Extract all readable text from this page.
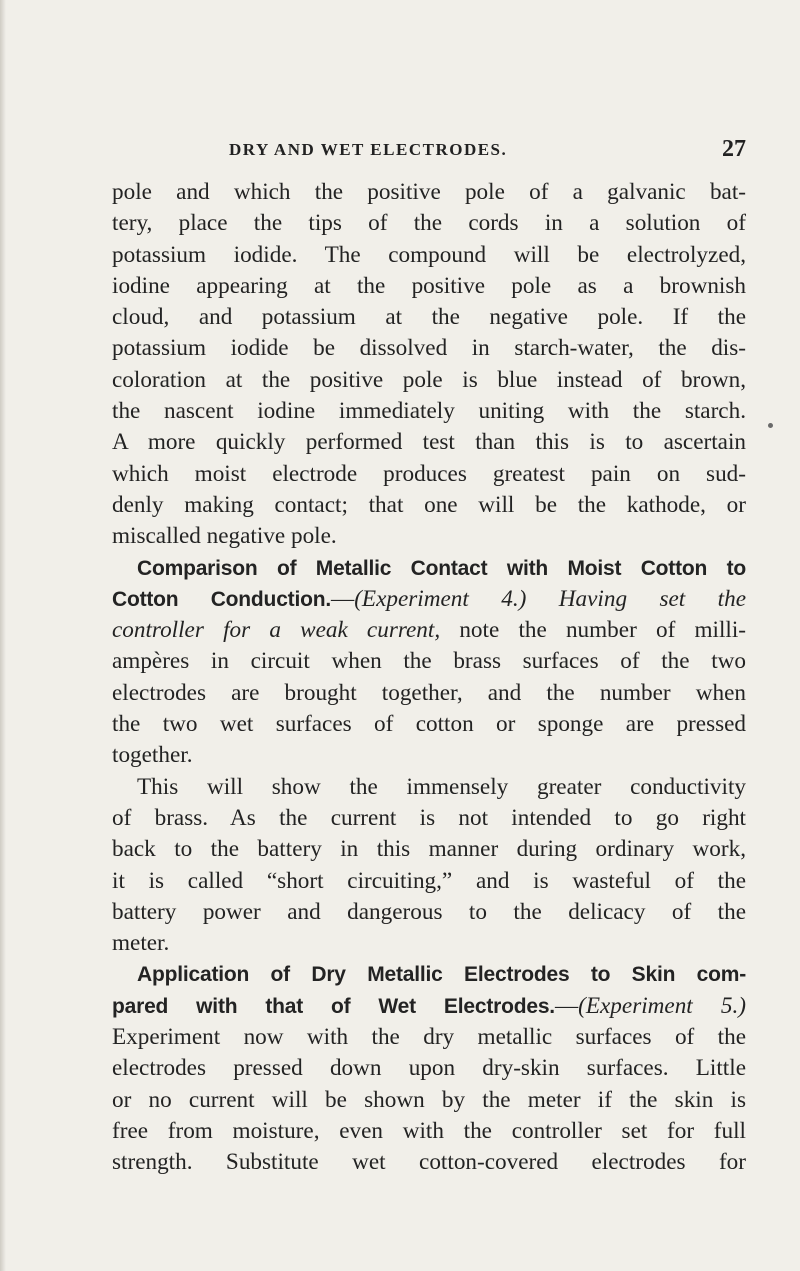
DRY AND WET ELECTRODES.	27
pole and which the positive pole of a galvanic bat-
tery, place the tips of the cords in a solution of
potassium iodide. The compound will be electrolyzed,
iodine appearing at the positive pole as a brownish
cloud, and potassium at the negative pole. If the
potassium iodide be dissolved in starch-water, the dis-
coloration at the positive pole is blue instead of brown,
the nascent iodine immediately uniting with the starch.
A more quickly performed test than this is to ascertain
which moist electrode produces greatest pain on sud-
denly making contact; that one will be the kathode, or
miscalled negative pole.
Comparison of Metallic Contact with Moist Cotton to
Cotton Conduction.—(Experiment 4.) Having set the
controller for a weak current, note the number of milli-
ampères in circuit when the brass surfaces of the two
electrodes are brought together, and the number when
the two wet surfaces of cotton or sponge are pressed
together.
This will show the immensely greater conductivity
of brass. As the current is not intended to go right
back to the battery in this manner during ordinary work,
it is called “short circuiting,” and is wasteful of the
battery power and dangerous to the delicacy of the
meter.
Application of Dry Metallic Electrodes to Skin com-
pared with that of Wet Electrodes.—(Experiment 5.)
Experiment now with the dry metallic surfaces of the
electrodes pressed down upon dry-skin surfaces. Little
or no current will be shown by the meter if the skin is
free from moisture, even with the controller set for full
strength. Substitute wet cotton-covered electrodes for
